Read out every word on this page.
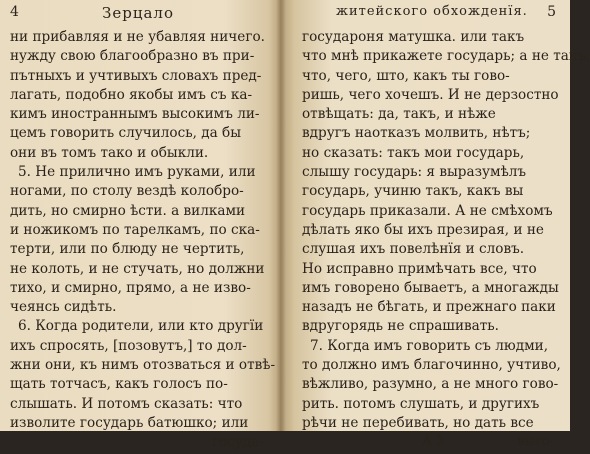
4	Зерцало
ни прибавляя и не убавляя ничего.
нужду свою благообразно въ при-
пътныхъ и учтивыхъ словахъ пред-
лагать, подобно якобы имъ съ ка-
кимъ иностраннымъ высокимъ ли-
цемъ говорить случилось, да бы
они въ томъ тако и обыкли.
5. Не прилично имъ руками, или
ногами, по столу вездѣ колобро-
дить, но смирно ѣсти. а вилками
и ножикомъ по тарелкамъ, по ска-
терти, или по блюду не чертить,
не колоть, и не стучать, но должни
тихо, и смирно, прямо, а не изво-
чеянсь сидѣть.
6. Когда родители, или кто другїи
ихъ спросять, [позовутъ,] то дол-
жни они, къ нимъ отозваться и отвѣ-
щать тотчасъ, какъ голосъ по-
слышать. И потомъ сказать: что
изволите государь батюшко; или
госуда-
житейского обхожденїя. 5
государоня матушка. или такъ
что мнѣ прикажете государь; а не такъ,
что, чего, што, какъ ты гово-
ришь, чего хочешъ. И не дерзостно
отвѣщать: да, такъ, и нѣже
вдругъ наотказъ молвить, нѣтъ;
но сказать: такъ мои государь,
слышу государь: я выразумѣлъ
государь, учиню такъ, какъ вы
государь приказали. А не смѣхомъ
дѣлать яко бы ихъ презирая, и не
слушая ихъ повелѣнїя и словъ.
Но исправно примѣчать все, что
имъ говорено бываетъ, а многажды
назадъ не бѣгать, и прежнаго паки
вдругорядь не спрашивать.
7. Когда имъ говорить съ людми,
то должно имъ благочинно, учтиво,
вѣжливо, разумно, а не много гово-
рить. потомъ слушать, и другихъ
рѣчи не перебивать, но дать все
А 3	выго-
